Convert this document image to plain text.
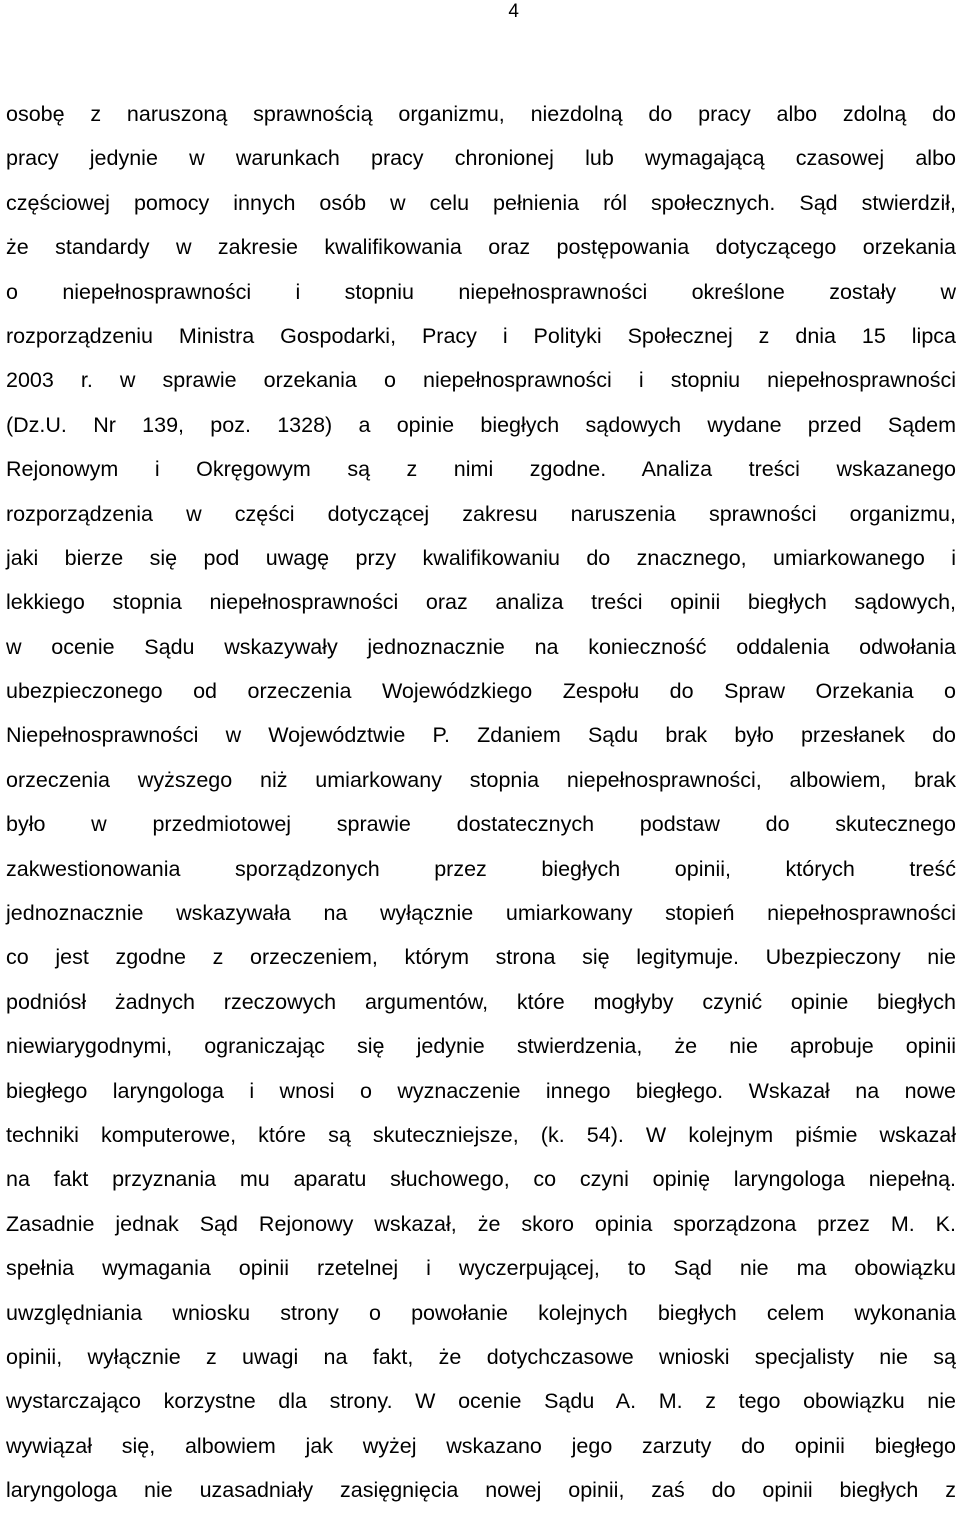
4
osobę z naruszoną sprawnością organizmu, niezdolną do pracy albo zdolną do
pracy jedynie w warunkach pracy chronionej lub wymagającą czasowej albo
częściowej pomocy innych osób w celu pełnienia ról społecznych. Sąd stwierdził,
że standardy w zakresie kwalifikowania oraz postępowania dotyczącego orzekania
o niepełnosprawności i stopniu niepełnosprawności określone zostały w
rozporządzeniu Ministra Gospodarki, Pracy i Polityki Społecznej z dnia 15 lipca
2003 r. w sprawie orzekania o niepełnosprawności i stopniu niepełnosprawności
(Dz.U. Nr 139, poz. 1328) a opinie biegłych sądowych wydane przed Sądem
Rejonowym i Okręgowym są z nimi zgodne. Analiza treści wskazanego
rozporządzenia w części dotyczącej zakresu naruszenia sprawności organizmu,
jaki bierze się pod uwagę przy kwalifikowaniu do znacznego, umiarkowanego i
lekkiego stopnia niepełnosprawności oraz analiza treści opinii biegłych sądowych,
w ocenie Sądu wskazywały jednoznacznie na konieczność oddalenia odwołania
ubezpieczonego od orzeczenia Wojewódzkiego Zespołu do Spraw Orzekania o
Niepełnosprawności w Województwie P. Zdaniem Sądu brak było przesłanek do
orzeczenia wyższego niż umiarkowany stopnia niepełnosprawności, albowiem, brak
było w przedmiotowej sprawie dostatecznych podstaw do skutecznego
zakwestionowania sporządzonych przez biegłych opinii, których treść
jednoznacznie wskazywała na wyłącznie umiarkowany stopień niepełnosprawności
co jest zgodne z orzeczeniem, którym strona się legitymuje. Ubezpieczony nie
podniósł żadnych rzeczowych argumentów, które mogłyby czynić opinie biegłych
niewiarygodnymi, ograniczając się jedynie stwierdzenia, że nie aprobuje opinii
biegłego laryngologa i wnosi o wyznaczenie innego biegłego. Wskazał na nowe
techniki komputerowe, które są skuteczniejsze, (k. 54). W kolejnym piśmie wskazał
na fakt przyznania mu aparatu słuchowego, co czyni opinię laryngologa niepełną.
Zasadnie jednak Sąd Rejonowy wskazał, że skoro opinia sporządzona przez M. K.
spełnia wymagania opinii rzetelnej i wyczerpującej, to Sąd nie ma obowiązku
uwzględniania wniosku strony o powołanie kolejnych biegłych celem wykonania
opinii, wyłącznie z uwagi na fakt, że dotychczasowe wnioski specjalisty nie są
wystarczająco korzystne dla strony. W ocenie Sądu A. M. z tego obowiązku nie
wywiązał się, albowiem jak wyżej wskazano jego zarzuty do opinii biegłego
laryngologa nie uzasadniały zasięgnięcia nowej opinii, zaś do opinii biegłych z
